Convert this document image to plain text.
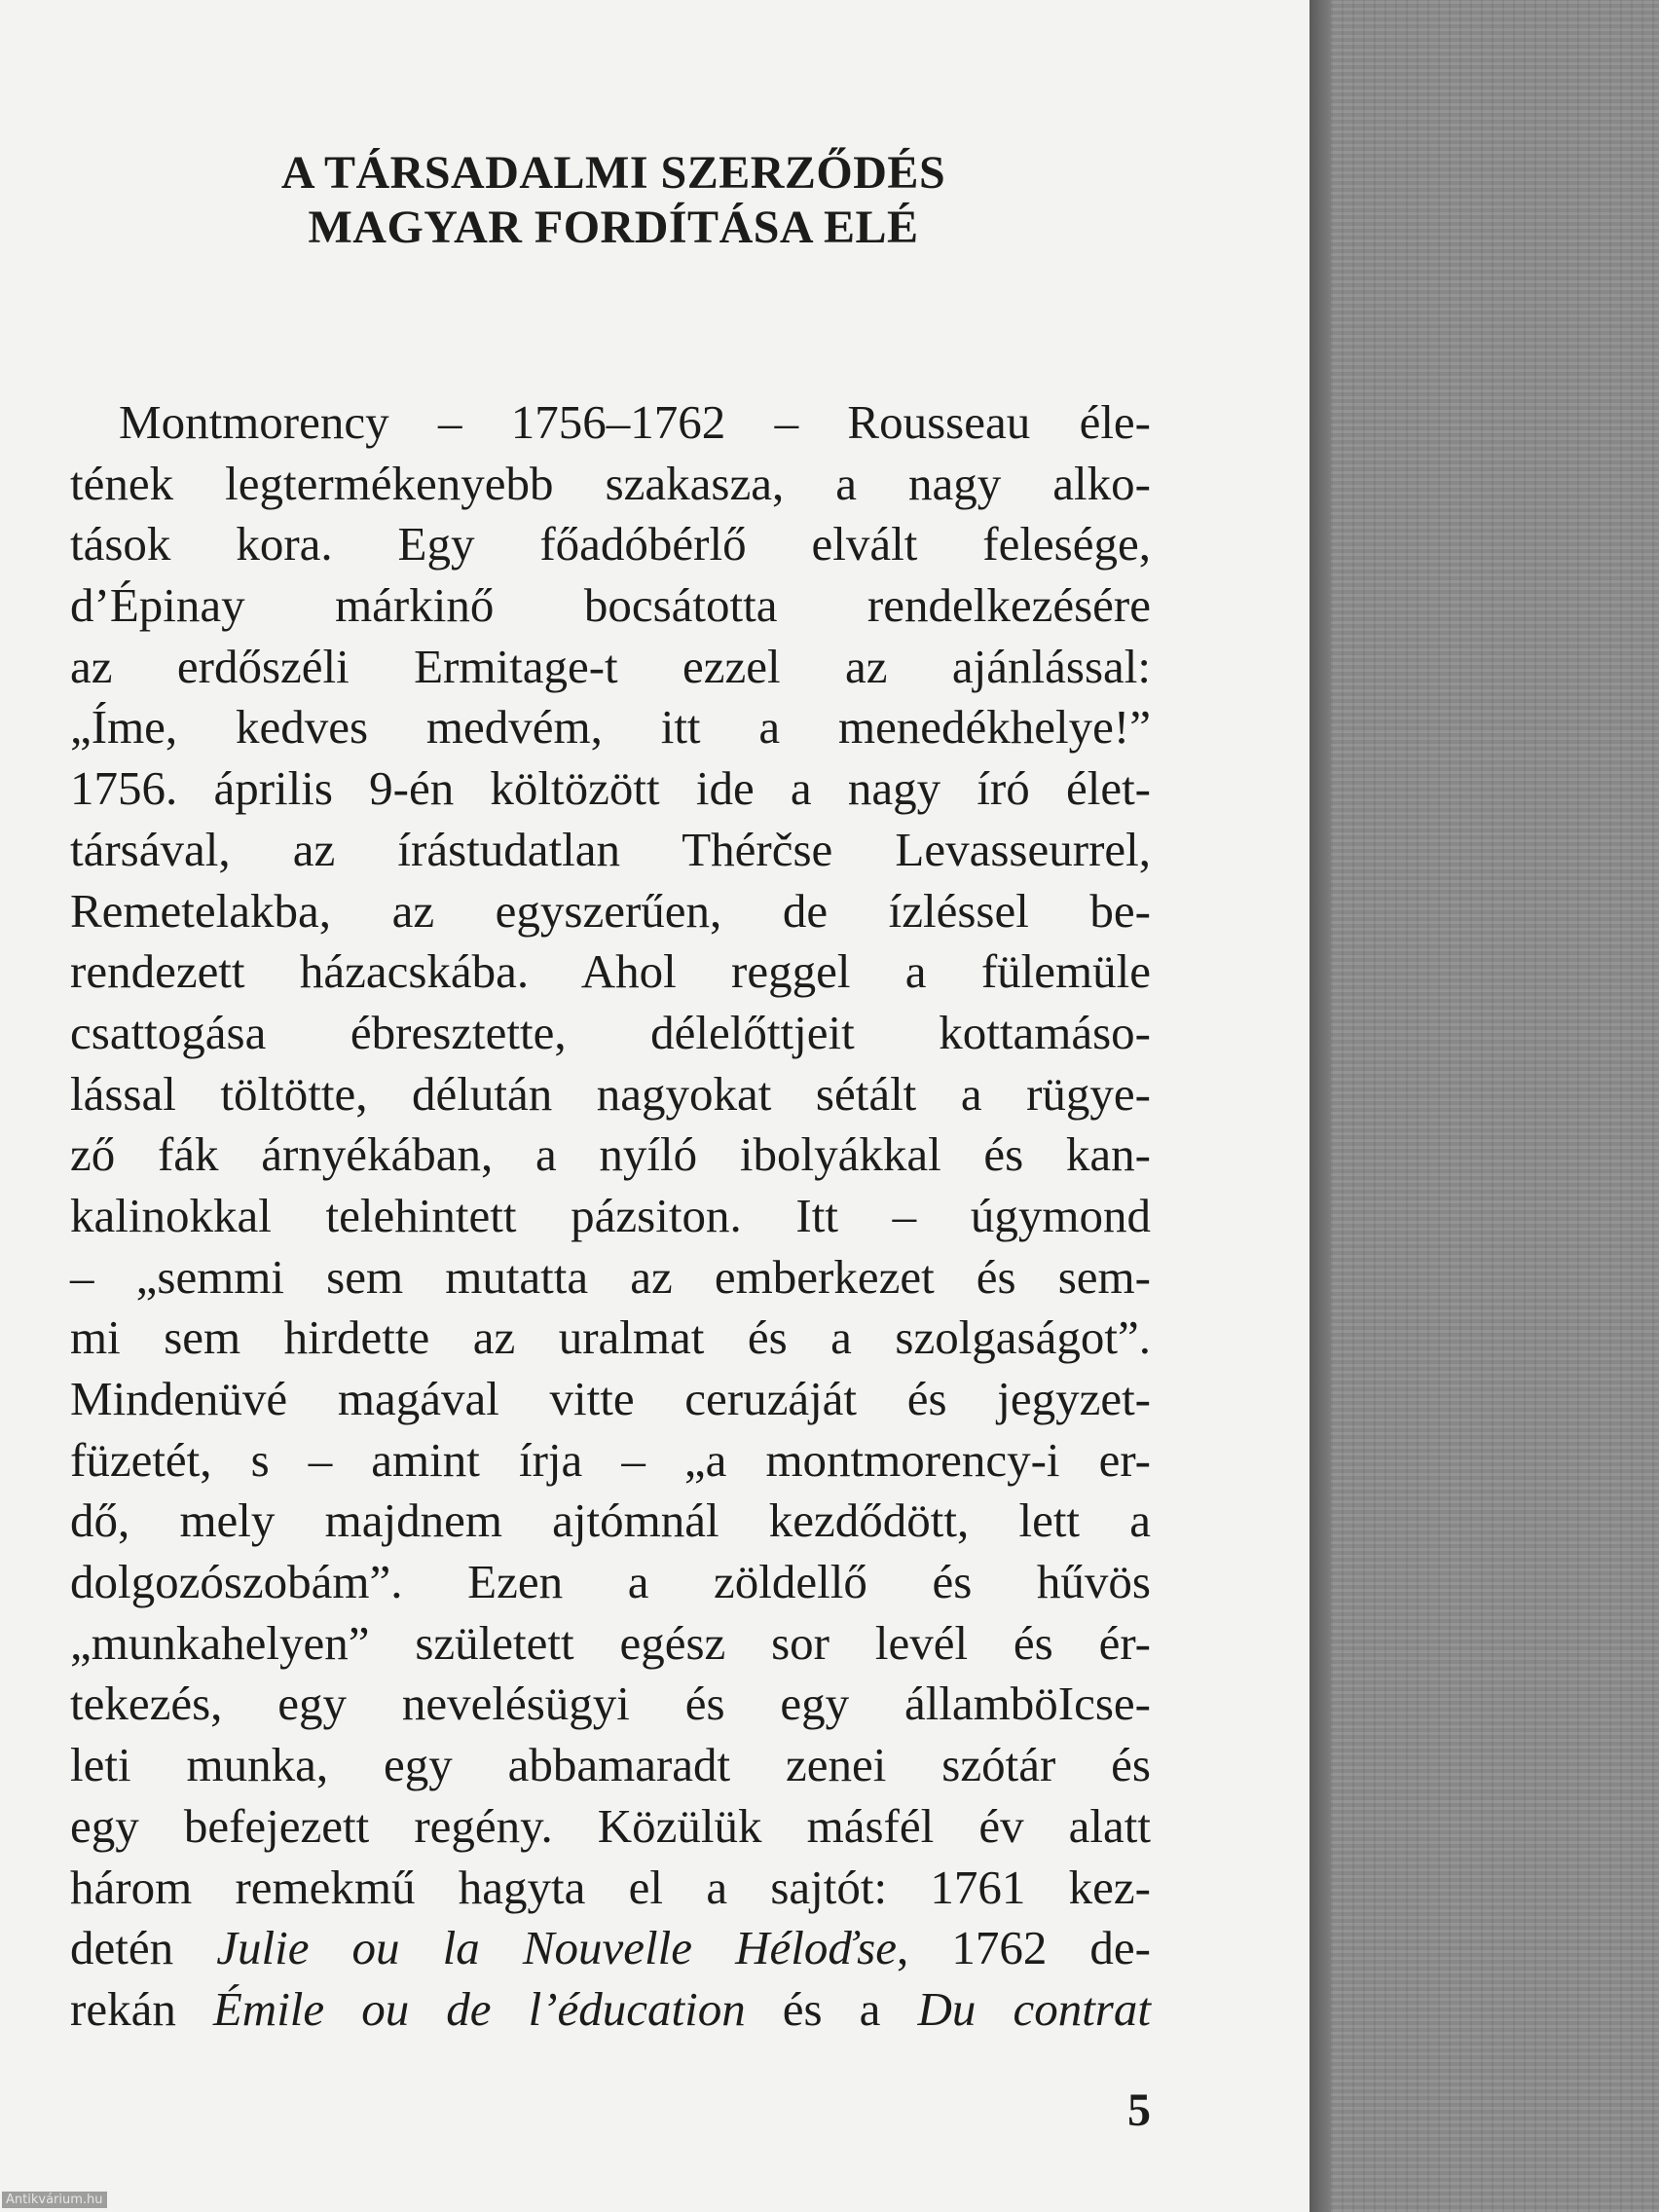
A TÁRSADALMI SZERZŐDÉS
MAGYAR FORDÍTÁSA ELÉ
Montmorency – 1756–1762 – Rousseau éle-
tének legtermékenyebb szakasza, a nagy alko-
tások kora. Egy főadóbérlő elvált felesége,
d’Épinay márkinő bocsátotta rendelkezésére
az erdőszéli Ermitage-t ezzel az ajánlással:
„Íme, kedves medvém, itt a menedékhelye!”
1756. április 9-én költözött ide a nagy író élet-
társával, az írástudatlan Thérčse Levasseurrel,
Remetelakba, az egyszerűen, de ízléssel be-
rendezett házacskába. Ahol reggel a fülemüle
csattogása ébresztette, délelőttjeit kottamáso-
lással töltötte, délután nagyokat sétált a rügye-
ző fák árnyékában, a nyíló ibolyákkal és kan-
kalinokkal telehintett pázsiton. Itt – úgymond
– „semmi sem mutatta az emberkezet és sem-
mi sem hirdette az uralmat és a szolgaságot”.
Mindenüvé magával vitte ceruzáját és jegyzet-
füzetét, s – amint írja – „a montmorency-i er-
dő, mely majdnem ajtómnál kezdődött, lett a
dolgozószobám”. Ezen a zöldellő és hűvös
„munkahelyen” született egész sor levél és ér-
tekezés, egy nevelésügyi és egy államböIcse-
leti munka, egy abbamaradt zenei szótár és
egy befejezett regény. Közülük másfél év alatt
három remekmű hagyta el a sajtót: 1761 kez-
detén Julie ou la Nouvelle Héloďse, 1762 de-
rekán Émile ou de l’éducation és a Du contrat
5
Antikvárium.hu
